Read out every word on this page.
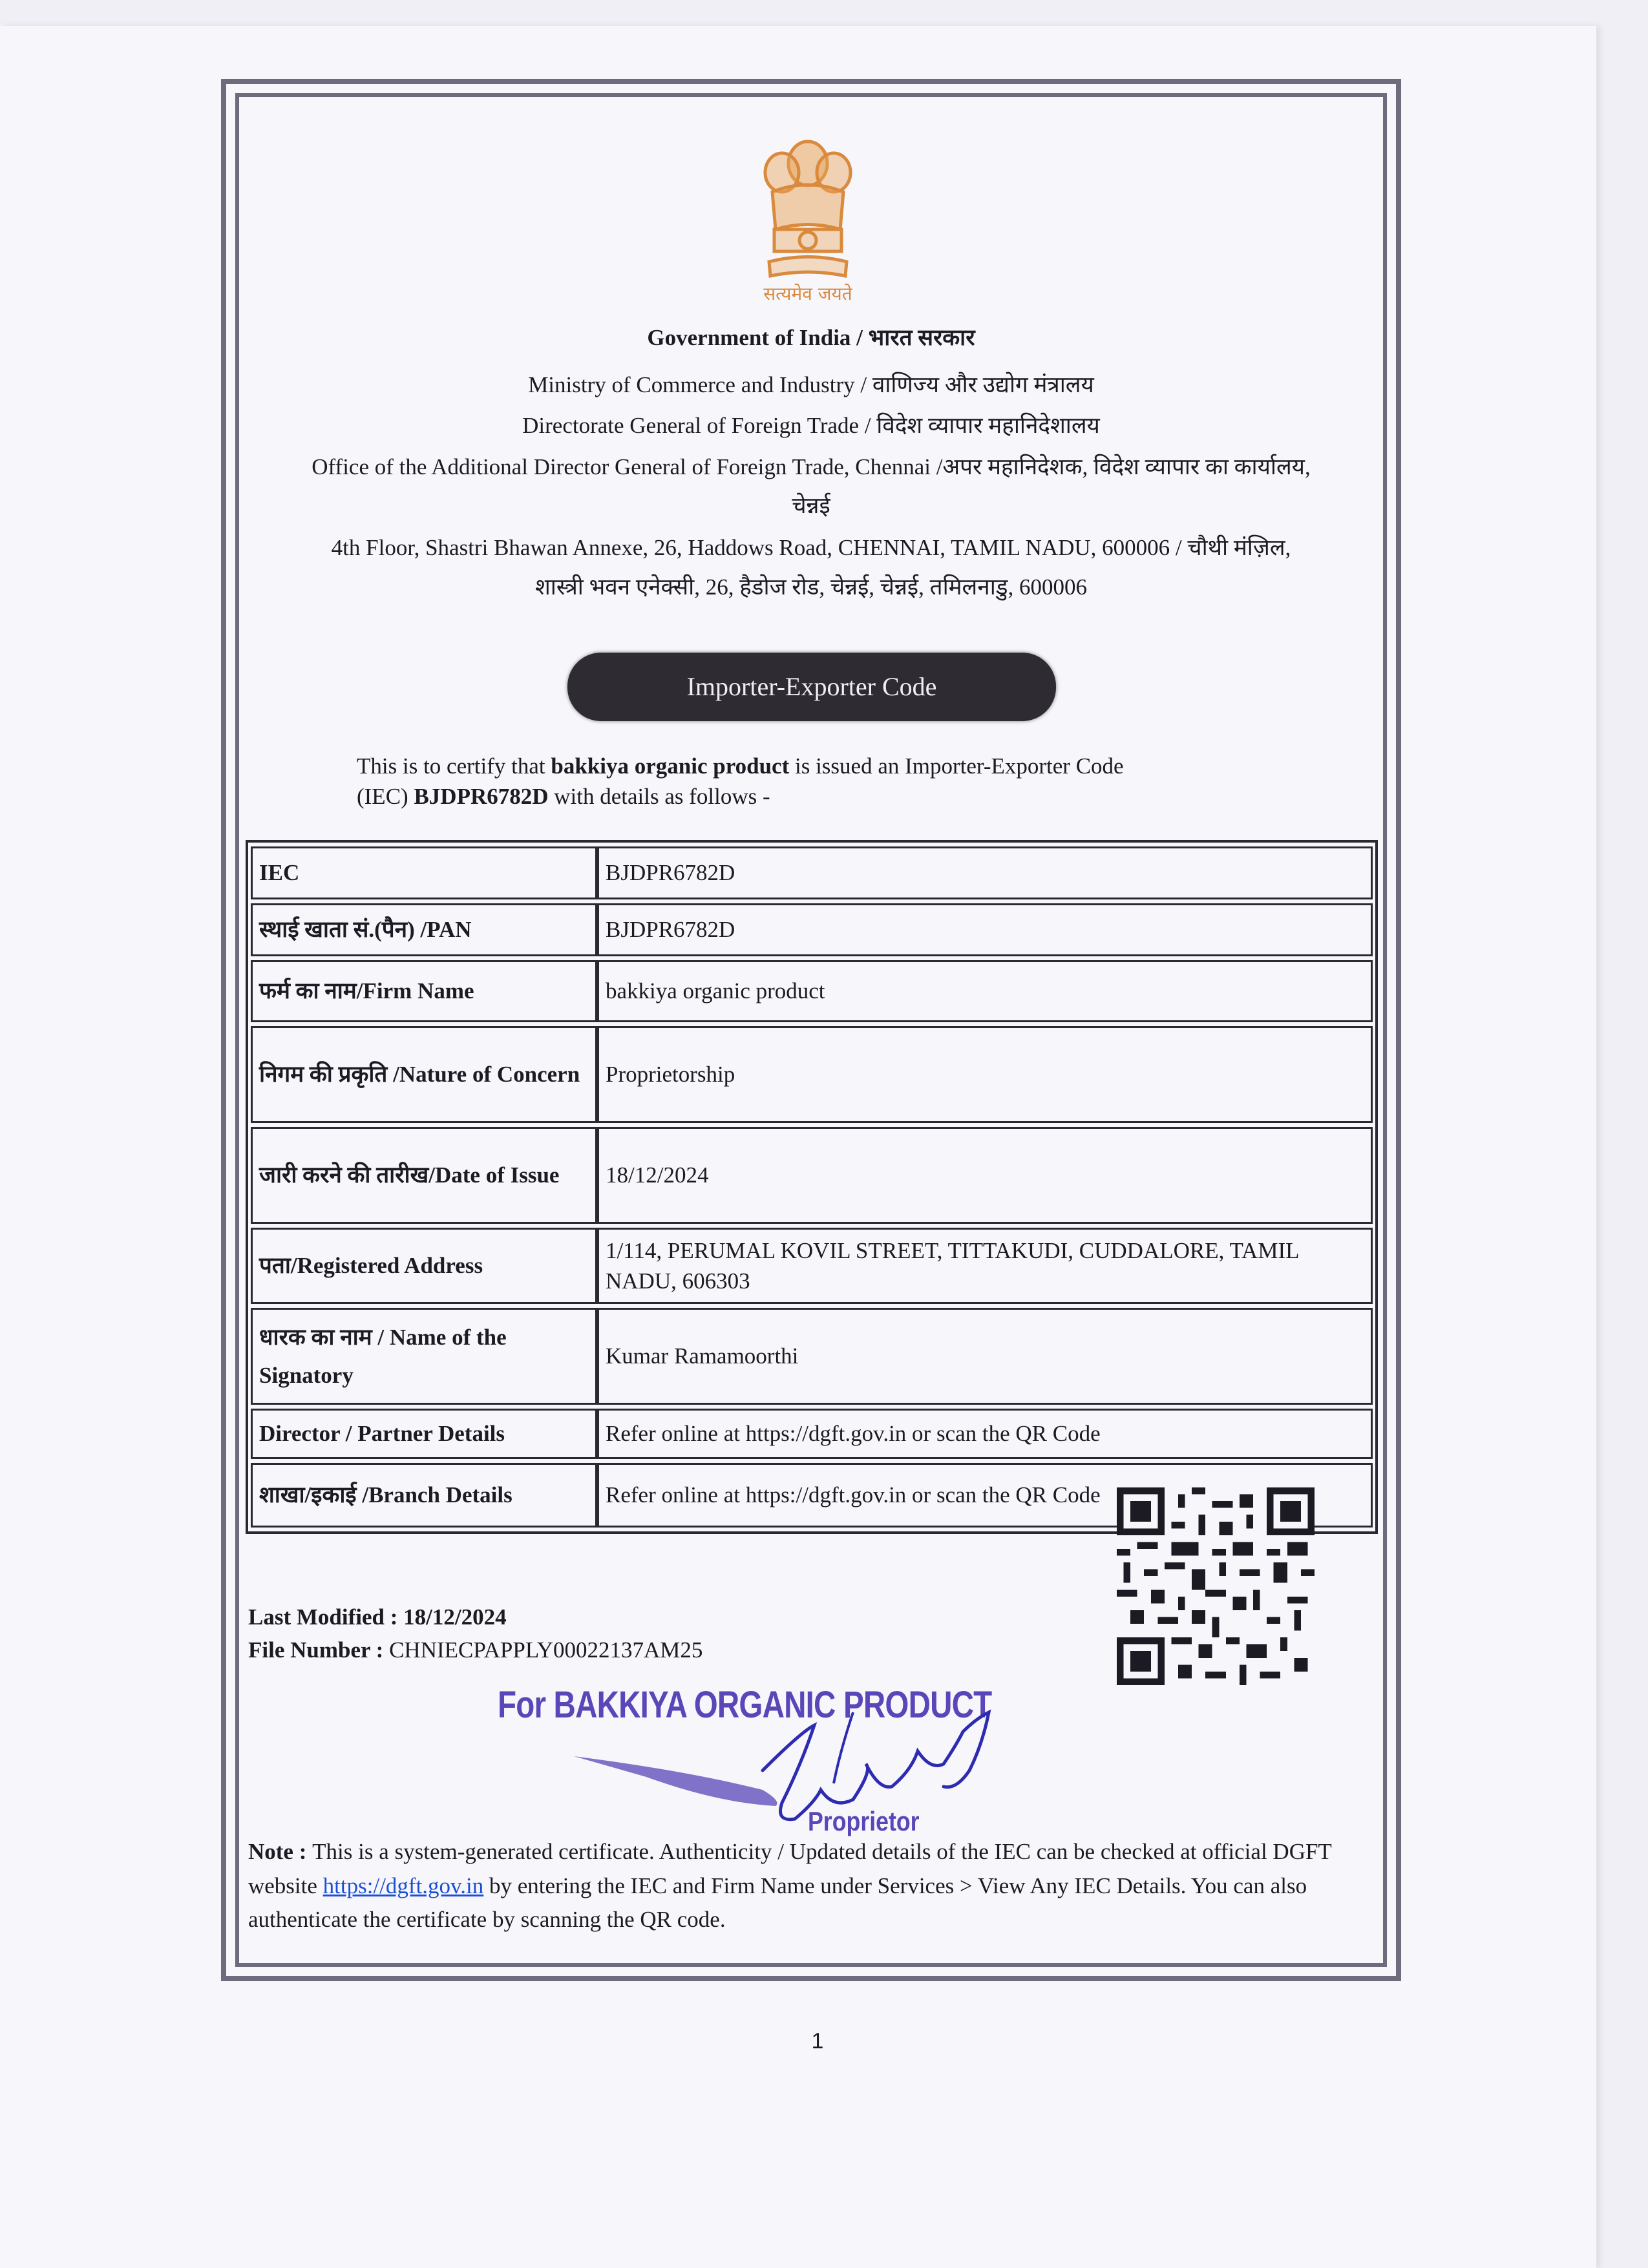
सत्यमेव जयते
Government of India / भारत सरकार
Ministry of Commerce and Industry / वाणिज्य और उद्योग मंत्रालय
Directorate General of Foreign Trade / विदेश व्यापार महानिदेशालय
Office of the Additional Director General of Foreign Trade, Chennai /अपर महानिदेशक, विदेश व्यापार का कार्यालय,
चेन्नई
4th Floor, Shastri Bhawan Annexe, 26, Haddows Road, CHENNAI, TAMIL NADU, 600006 / चौथी मंज़िल,
शास्त्री भवन एनेक्सी, 26, हैडोज रोड, चेन्नई, चेन्नई, तमिलनाडु, 600006
Importer-Exporter Code
This is to certify that bakkiya organic product is issued an Importer-Exporter Code
(IEC) BJDPR6782D with details as follows -
IEC	BJDPR6782D
स्थाई खाता सं.(पैन) /PAN	BJDPR6782D
फर्म का नाम/Firm Name	bakkiya organic product
निगम की प्रकृति /Nature of Concern	Proprietorship
जारी करने की तारीख/Date of Issue	18/12/2024
पता/Registered Address	1/114, PERUMAL KOVIL STREET, TITTAKUDI, CUDDALORE, TAMIL NADU, 606303
धारक का नाम / Name of the Signatory	Kumar Ramamoorthi
Director / Partner Details	Refer online at https://dgft.gov.in or scan the QR Code
शाखा/इकाई /Branch Details	Refer online at https://dgft.gov.in or scan the QR Code
Last Modified : 18/12/2024
File Number : CHNIECPAPPLY00022137AM25
For BAKKIYA ORGANIC PRODUCT
Proprietor
Note : This is a system-generated certificate. Authenticity / Updated details of the IEC can be checked at official DGFT website https://dgft.gov.in by entering the IEC and Firm Name under Services > View Any IEC Details. You can also authenticate the certificate by scanning the QR code.
1
